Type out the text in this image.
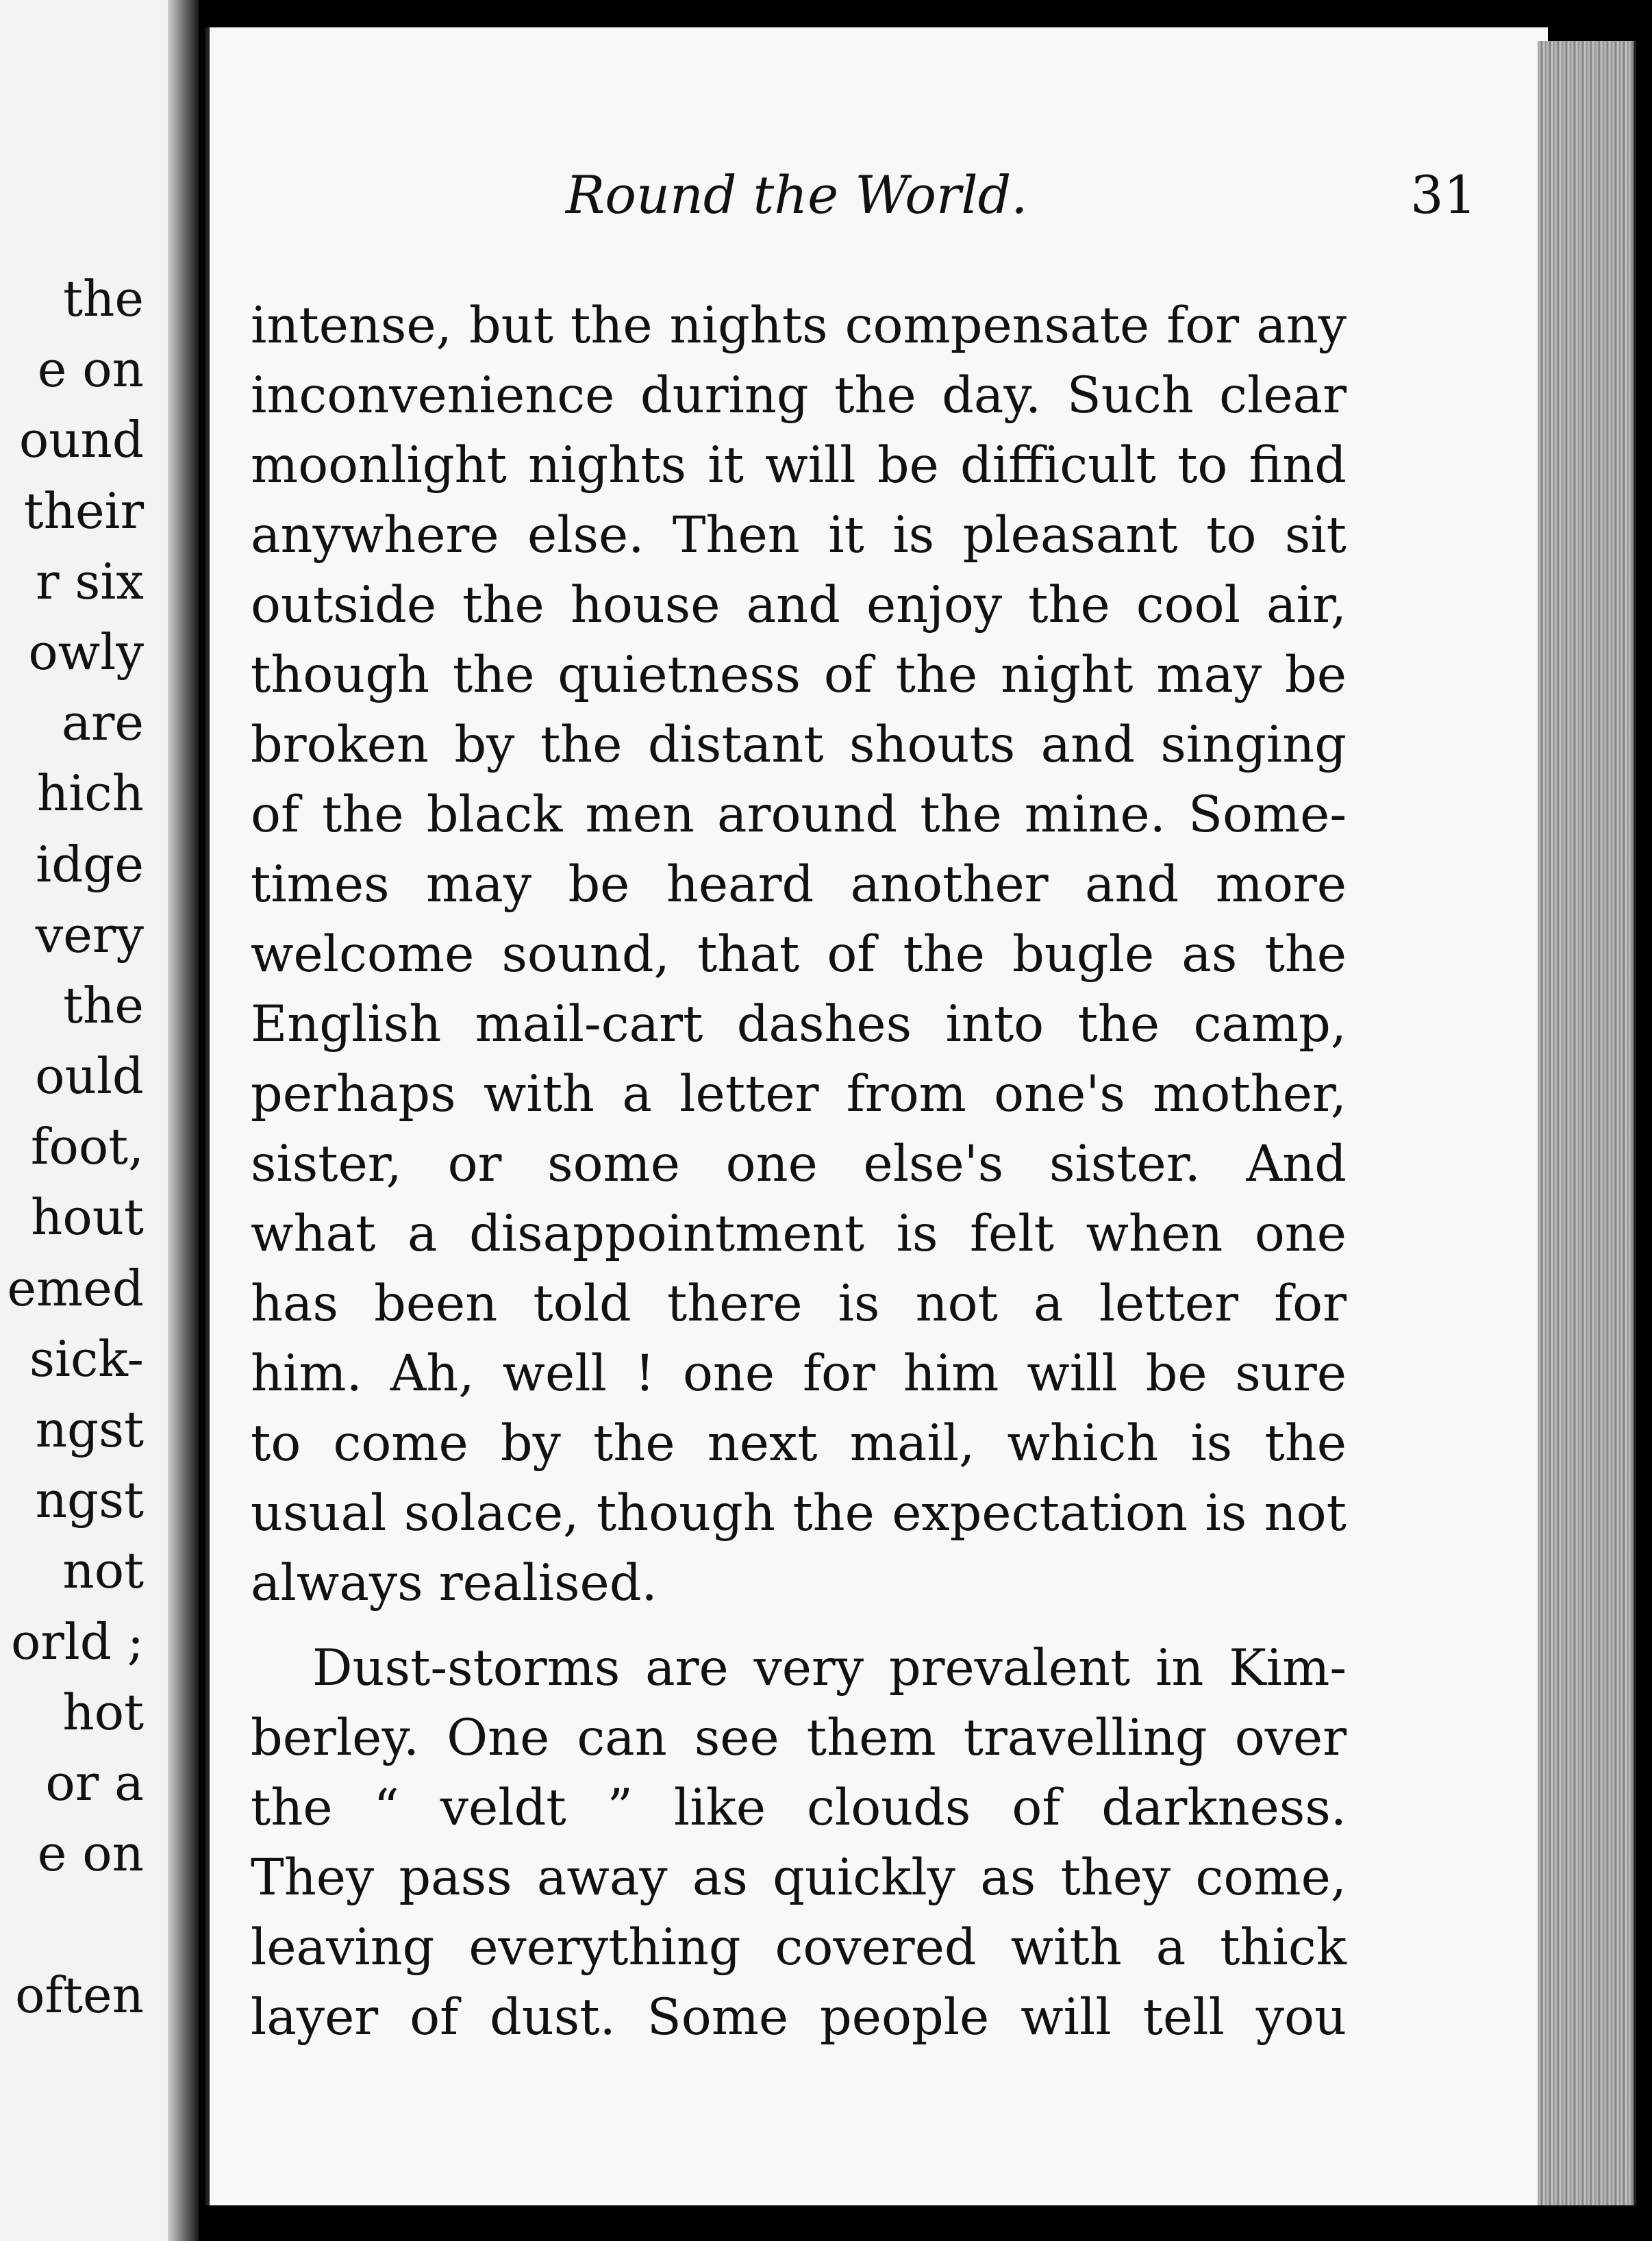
the
e on
ound
their
r six
owly
are
hich
idge
very
the
ould
foot,
hout
emed
sick-
ngst
ngst
not
orld ;
hot
or a
e on
often
Round the World.	31
intense, but the nights compensate for any
inconvenience during the day. Such clear
moonlight nights it will be difficult to find
anywhere else. Then it is pleasant to sit
outside the house and enjoy the cool air,
though the quietness of the night may be
broken by the distant shouts and singing
of the black men around the mine. Some-
times may be heard another and more
welcome sound, that of the bugle as the
English mail-cart dashes into the camp,
perhaps with a letter from one's mother,
sister, or some one else's sister. And
what a disappointment is felt when one
has been told there is not a letter for
him. Ah, well ! one for him will be sure
to come by the next mail, which is the
usual solace, though the expectation is not
always realised.
Dust-storms are very prevalent in Kim-
berley. One can see them travelling over
the “ veldt ” like clouds of darkness.
They pass away as quickly as they come,
leaving everything covered with a thick
layer of dust. Some people will tell you
